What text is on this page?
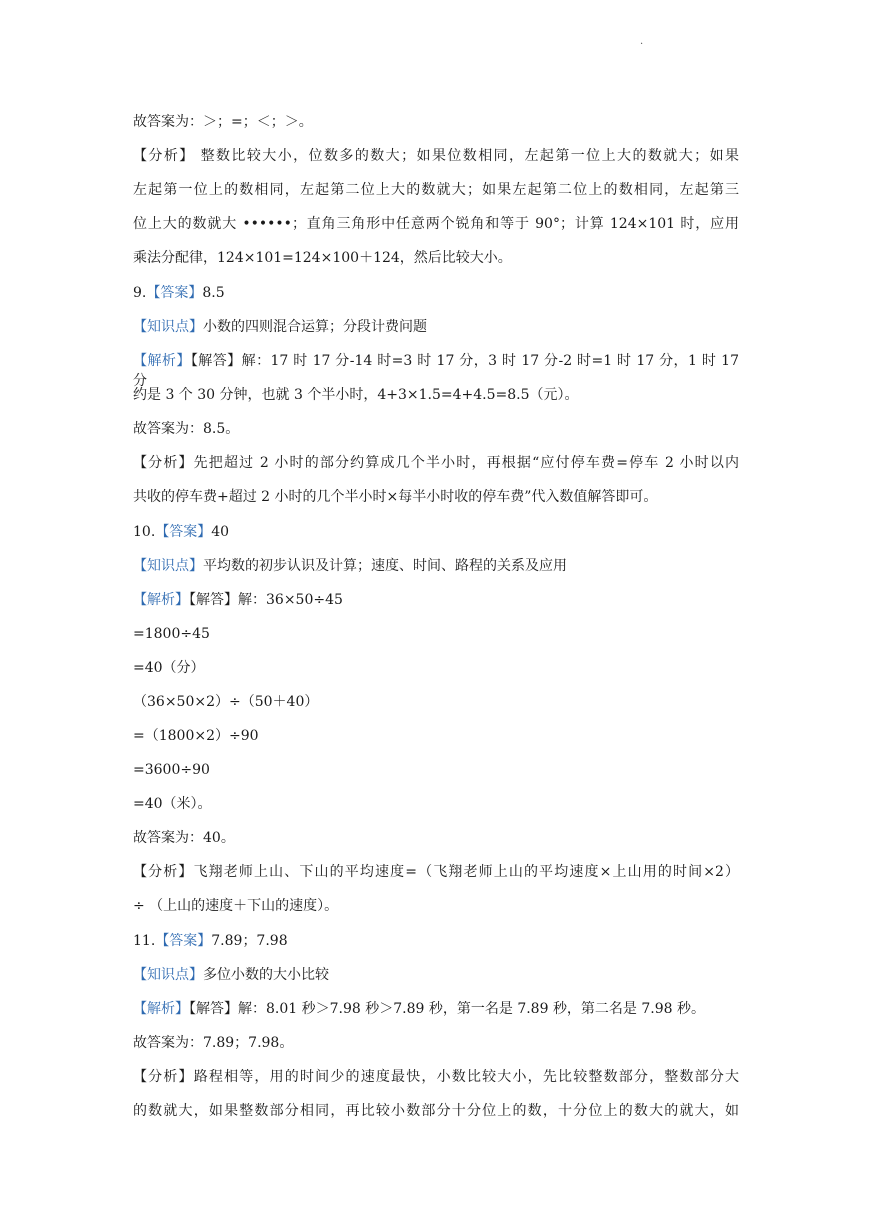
.
故答案为：＞；=；＜；＞。
【分析】 整数比较大小，位数多的数大；如果位数相同，左起第一位上大的数就大；如果
左起第一位上的数相同，左起第二位上大的数就大；如果左起第二位上的数相同，左起第三
位上大的数就大 ••••••；直角三角形中任意两个锐角和等于 90°；计算 124×101 时，应用
乘法分配律，124×101=124×100＋124，然后比较大小。
9.【答案】8.5
【知识点】小数的四则混合运算；分段计费问题
【解析】【解答】解：17 时 17 分-14 时=3 时 17 分，3 时 17 分-2 时=1 时 17 分，1 时 17 分
约是 3 个 30 分钟，也就 3 个半小时，4+3×1.5=4+4.5=8.5（元）。
故答案为：8.5。
【分析】先把超过 2 小时的部分约算成几个半小时，再根据“应付停车费=停车 2 小时以内
共收的停车费+超过 2 小时的几个半小时×每半小时收的停车费”代入数值解答即可。
10.【答案】40
【知识点】平均数的初步认识及计算；速度、时间、路程的关系及应用
【解析】【解答】解：36×50÷45
=1800÷45
=40（分）
（36×50×2）÷（50＋40）
=（1800×2）÷90
=3600÷90
=40（米）。
故答案为：40。
【分析】飞翔老师上山、下山的平均速度=（飞翔老师上山的平均速度×上山用的时间×2）
÷ （上山的速度＋下山的速度）。
11.【答案】7.89；7.98
【知识点】多位小数的大小比较
【解析】【解答】解：8.01 秒＞7.98 秒＞7.89 秒，第一名是 7.89 秒，第二名是 7.98 秒。
故答案为：7.89；7.98。
【分析】路程相等，用的时间少的速度最快，小数比较大小，先比较整数部分，整数部分大
的数就大，如果整数部分相同，再比较小数部分十分位上的数，十分位上的数大的就大，如
